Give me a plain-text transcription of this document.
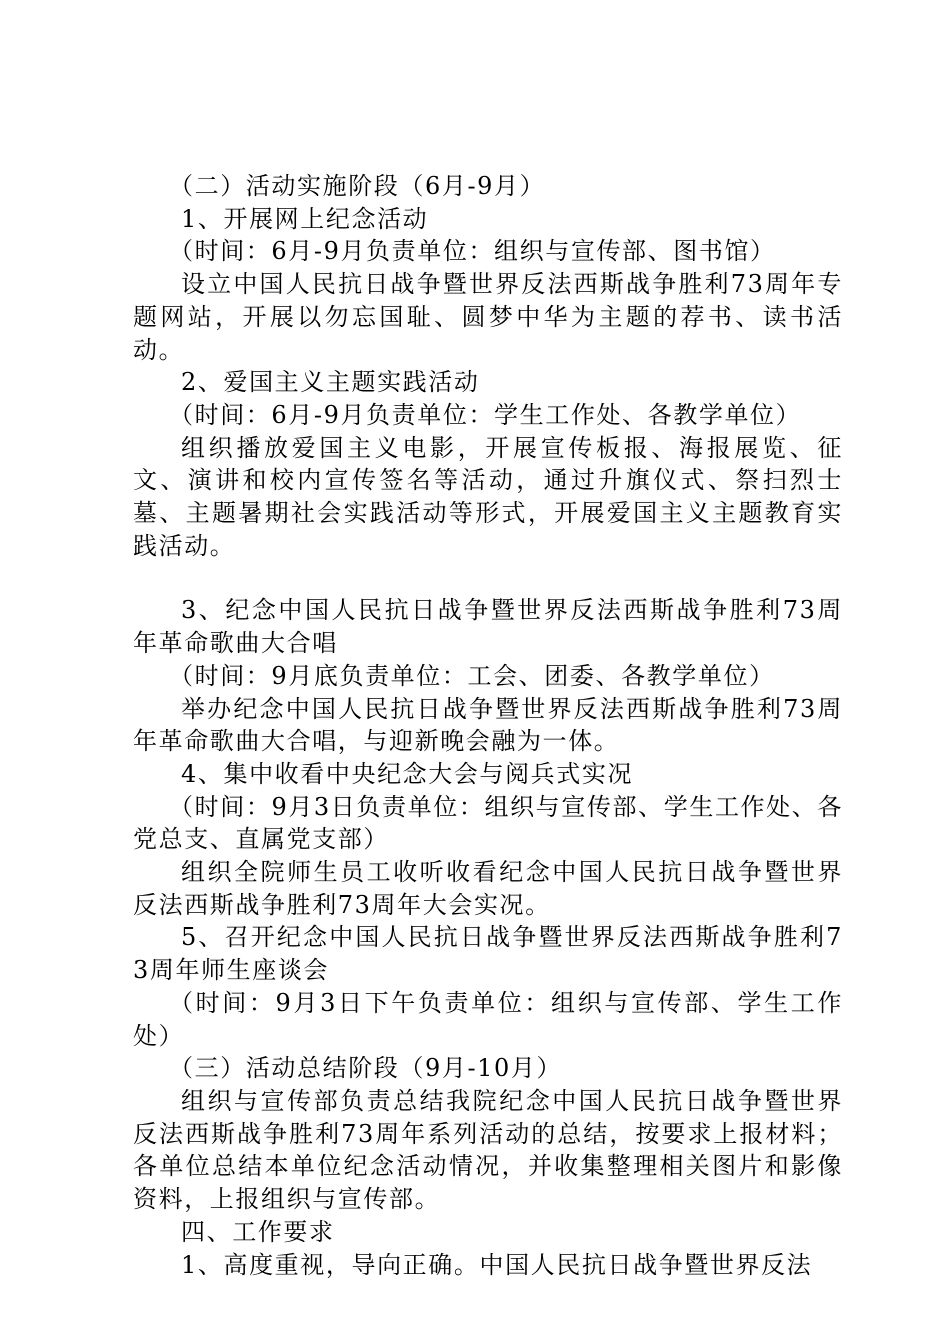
（二）活动实施阶段（6月-9月）

1、开展网上纪念活动

（时间：6月-9月负责单位：组织与宣传部、图书馆）

设立中国人民抗日战争暨世界反法西斯战争胜利73周年专题网站，开展以勿忘国耻、圆梦中华为主题的荐书、读书活动。

2、爱国主义主题实践活动

（时间：6月-9月负责单位：学生工作处、各教学单位）

组织播放爱国主义电影，开展宣传板报、海报展览、征文、演讲和校内宣传签名等活动，通过升旗仪式、祭扫烈士墓、主题暑期社会实践活动等形式，开展爱国主义主题教育实践活动。

3、纪念中国人民抗日战争暨世界反法西斯战争胜利73周年革命歌曲大合唱

（时间：9月底负责单位：工会、团委、各教学单位）

举办纪念中国人民抗日战争暨世界反法西斯战争胜利73周年革命歌曲大合唱，与迎新晚会融为一体。

4、集中收看中央纪念大会与阅兵式实况

（时间：9月3日负责单位：组织与宣传部、学生工作处、各党总支、直属党支部）

组织全院师生员工收听收看纪念中国人民抗日战争暨世界反法西斯战争胜利73周年大会实况。

5、召开纪念中国人民抗日战争暨世界反法西斯战争胜利73周年师生座谈会

（时间：9月3日下午负责单位：组织与宣传部、学生工作处）

（三）活动总结阶段（9月-10月）

组织与宣传部负责总结我院纪念中国人民抗日战争暨世界反法西斯战争胜利73周年系列活动的总结，按要求上报材料；各单位总结本单位纪念活动情况，并收集整理相关图片和影像资料，上报组织与宣传部。

四、工作要求

1、高度重视，导向正确。中国人民抗日战争暨世界反法
